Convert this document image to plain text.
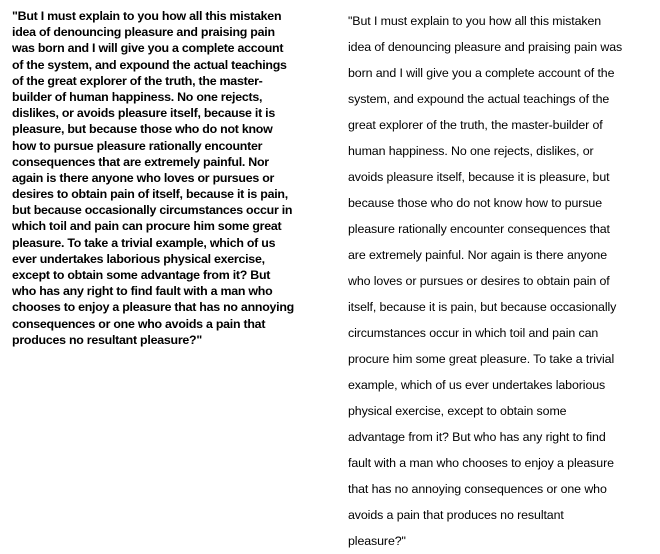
"But I must explain to you how all this mistaken
idea of denouncing pleasure and praising pain
was born and I will give you a complete account
of the system, and expound the actual teachings
of the great explorer of the truth, the master-
builder of human happiness. No one rejects,
dislikes, or avoids pleasure itself, because it is
pleasure, but because those who do not know
how to pursue pleasure rationally encounter
consequences that are extremely painful. Nor
again is there anyone who loves or pursues or
desires to obtain pain of itself, because it is pain,
but because occasionally circumstances occur in
which toil and pain can procure him some great
pleasure. To take a trivial example, which of us
ever undertakes laborious physical exercise,
except to obtain some advantage from it? But
who has any right to find fault with a man who
chooses to enjoy a pleasure that has no annoying
consequences or one who avoids a pain that
produces no resultant pleasure?"
"But I must explain to you how all this mistaken
idea of denouncing pleasure and praising pain was
born and I will give you a complete account of the
system, and expound the actual teachings of the
great explorer of the truth, the master-builder of
human happiness. No one rejects, dislikes, or
avoids pleasure itself, because it is pleasure, but
because those who do not know how to pursue
pleasure rationally encounter consequences that
are extremely painful. Nor again is there anyone
who loves or pursues or desires to obtain pain of
itself, because it is pain, but because occasionally
circumstances occur in which toil and pain can
procure him some great pleasure. To take a trivial
example, which of us ever undertakes laborious
physical exercise, except to obtain some
advantage from it? But who has any right to find
fault with a man who chooses to enjoy a pleasure
that has no annoying consequences or one who
avoids a pain that produces no resultant
pleasure?"
